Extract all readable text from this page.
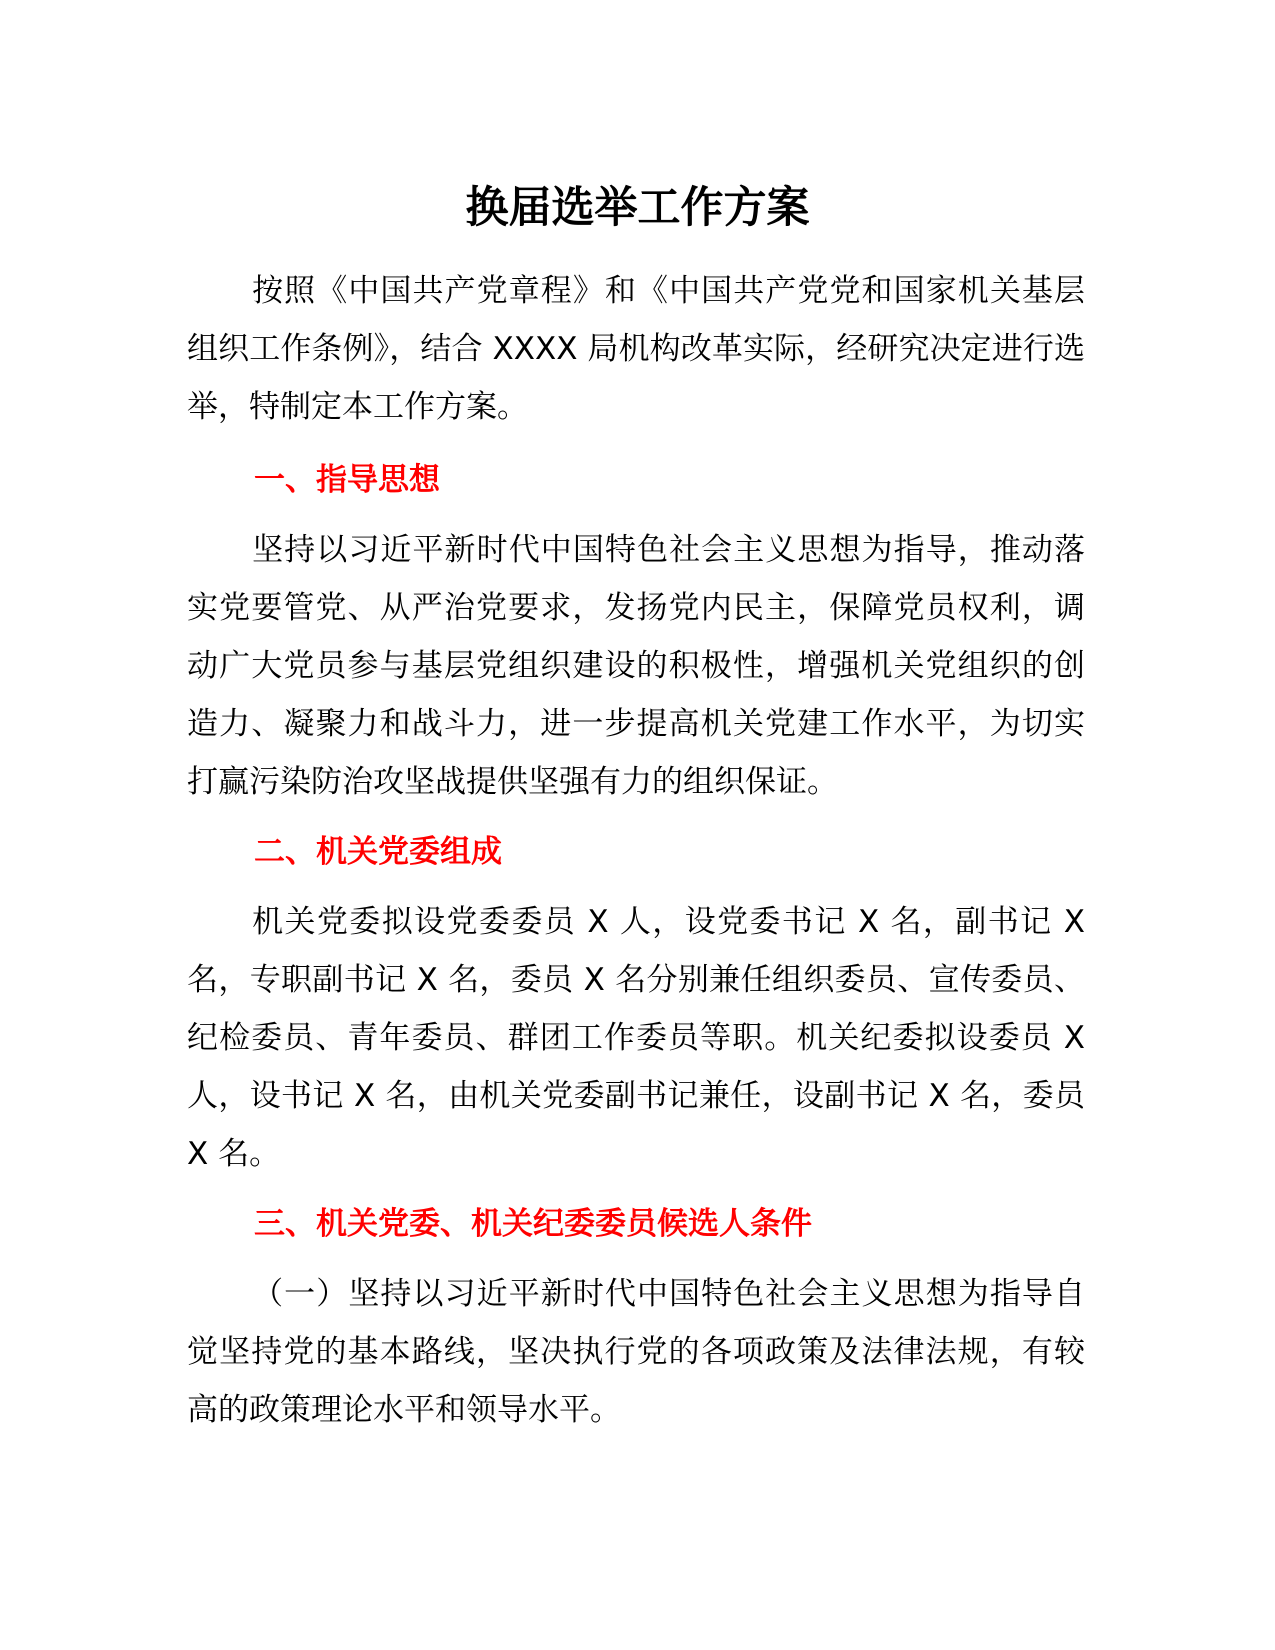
换届选举工作方案

按照《中国共产党章程》和《中国共产党党和国家机关基层组织工作条例》，结合 XXXX 局机构改革实际，经研究决定进行选举，特制定本工作方案。

一、指导思想

坚持以习近平新时代中国特色社会主义思想为指导，推动落实党要管党、从严治党要求，发扬党内民主，保障党员权利，调动广大党员参与基层党组织建设的积极性，增强机关党组织的创造力、凝聚力和战斗力，进一步提高机关党建工作水平，为切实打赢污染防治攻坚战提供坚强有力的组织保证。

二、机关党委组成

机关党委拟设党委委员 X 人，设党委书记 X 名，副书记 X 名，专职副书记 X 名，委员 X 名分别兼任组织委员、宣传委员、纪检委员、青年委员、群团工作委员等职。机关纪委拟设委员 X 人，设书记 X 名，由机关党委副书记兼任，设副书记 X 名，委员 X 名。

三、机关党委、机关纪委委员候选人条件

（一）坚持以习近平新时代中国特色社会主义思想为指导自觉坚持党的基本路线，坚决执行党的各项政策及法律法规，有较高的政策理论水平和领导水平。
